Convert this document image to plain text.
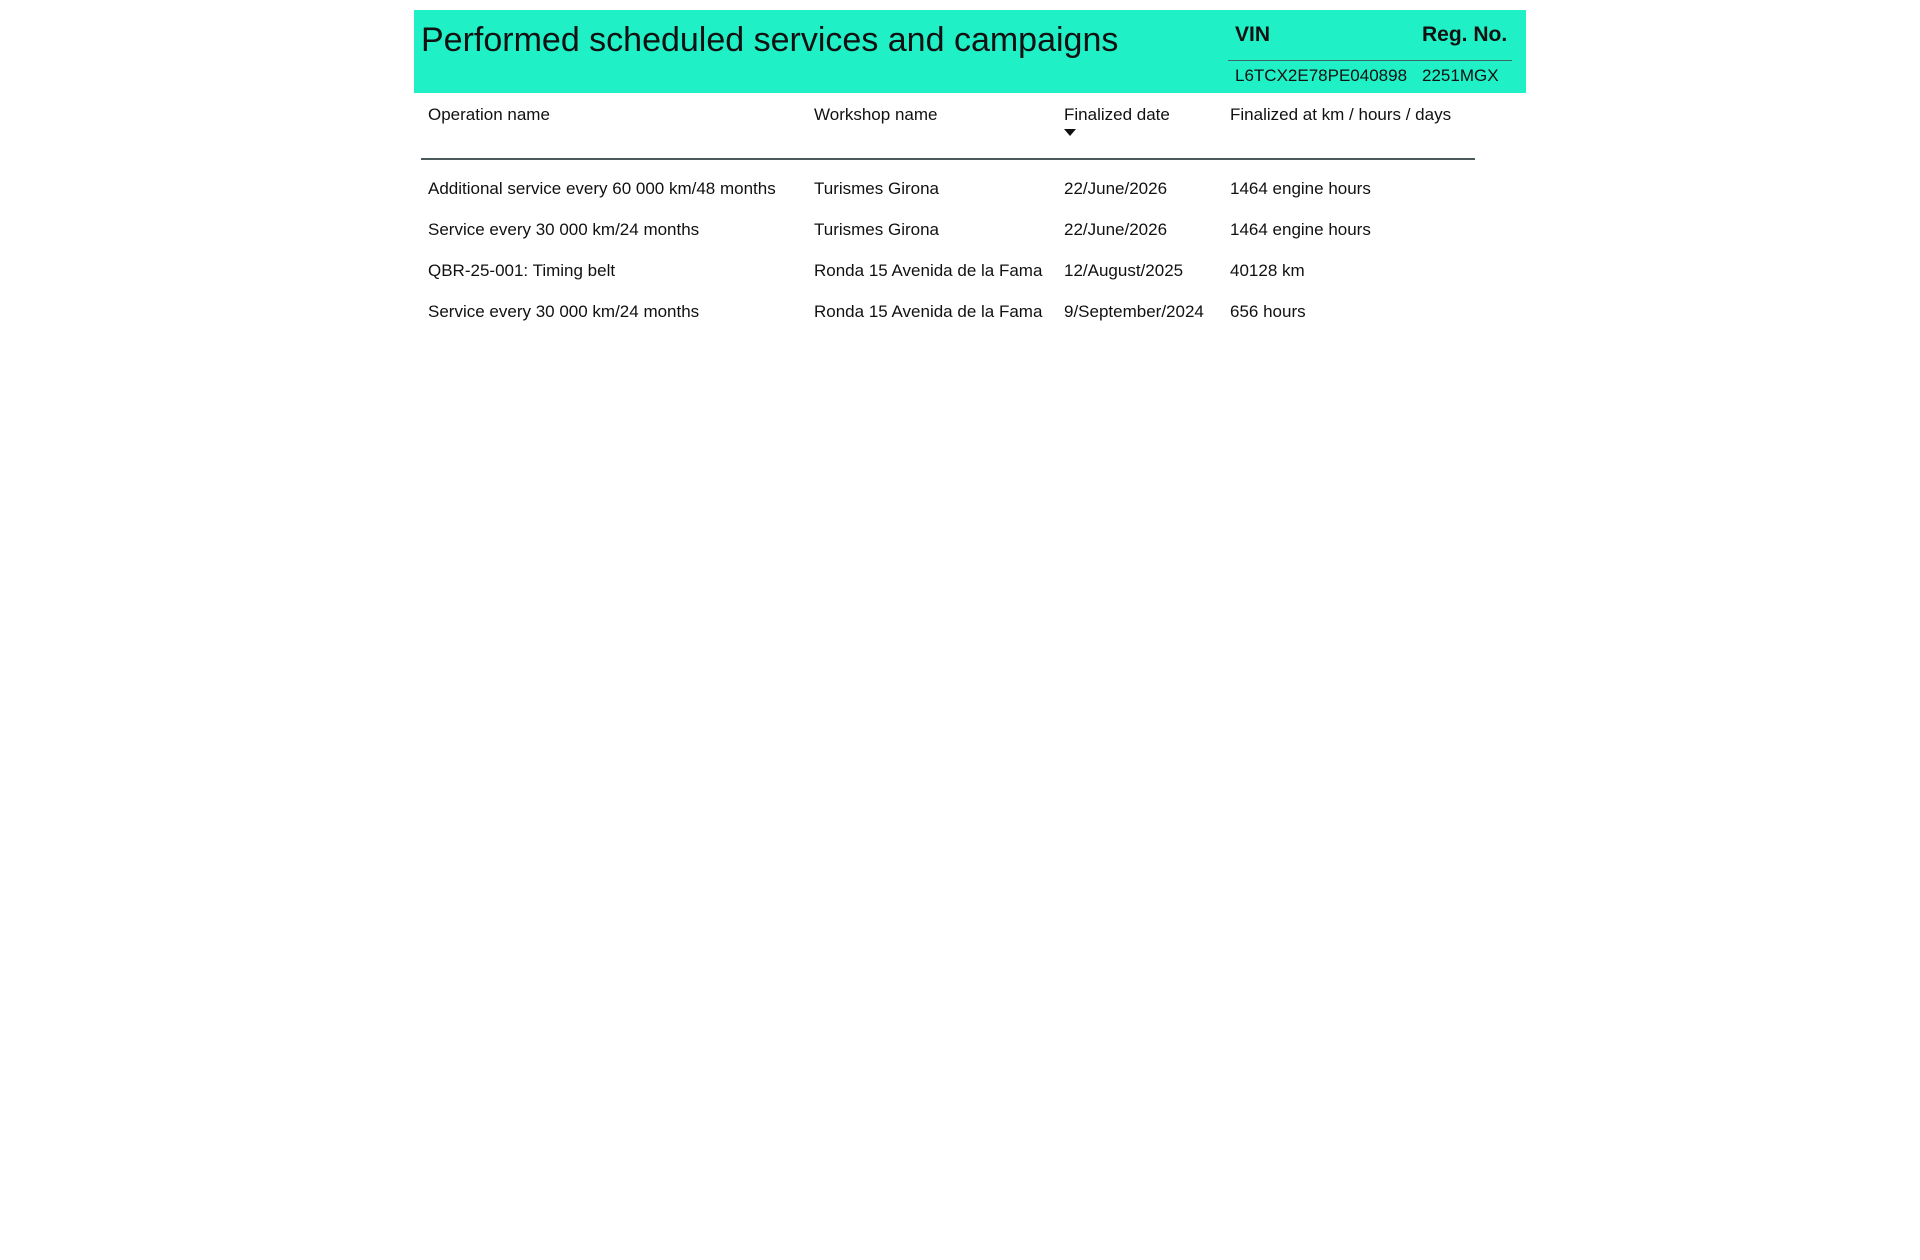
Performed scheduled services and campaigns	VIN	Reg. No.
L6TCX2E78PE040898	2251MGX
Operation name	Workshop name	Finalized date	Finalized at km / hours / days
Additional service every 60 000 km/48 months	Turismes Girona	22/June/2026	1464 engine hours
Service every 30 000 km/24 months	Turismes Girona	22/June/2026	1464 engine hours
QBR-25-001: Timing belt	Ronda 15 Avenida de la Fama	12/August/2025	40128 km
Service every 30 000 km/24 months	Ronda 15 Avenida de la Fama	9/September/2024	656 hours
